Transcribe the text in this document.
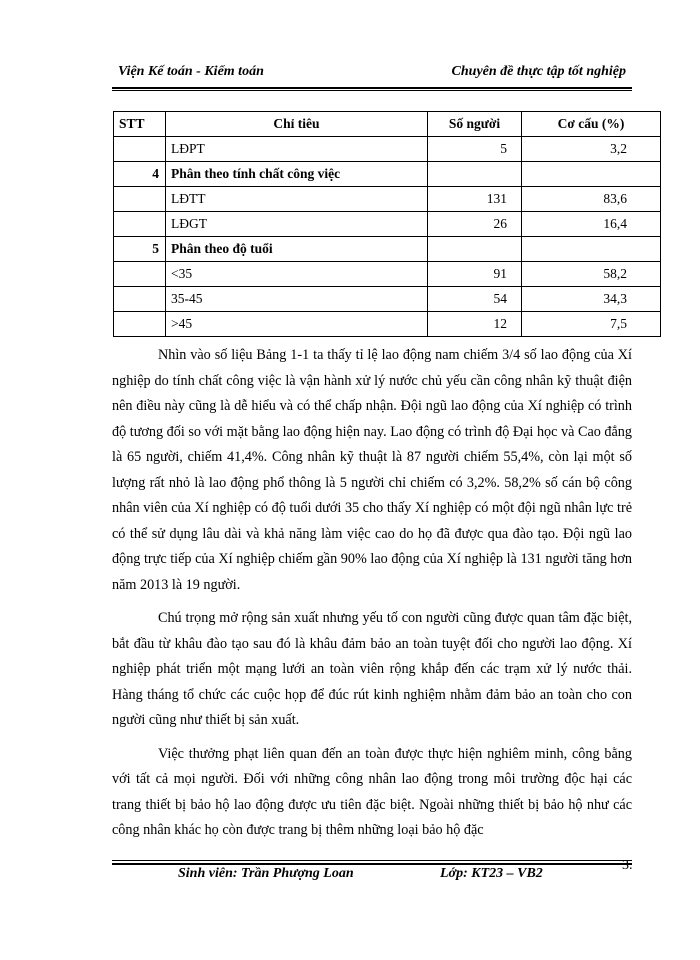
Viện Kế toán - Kiểm toán	Chuyên đề thực tập tốt nghiệp
STT	Chỉ tiêu	Số người	Cơ cấu (%)
	LĐPT	5	3,2
4	Phân theo tính chất công việc		
	LĐTT	131	83,6
	LĐGT	26	16,4
5	Phân theo độ tuổi		
	<35	91	58,2
	35-45	54	34,3
	>45	12	7,5

Nhìn vào số liệu Bảng 1-1 ta thấy tỉ lệ lao động nam chiếm 3/4 số lao động của Xí nghiệp do tính chất công việc là vận hành xử lý nước chủ yếu cần công nhân kỹ thuật điện nên điều này cũng là dễ hiểu và có thể chấp nhận. Đội ngũ lao động của Xí nghiệp có trình độ tương đối so với mặt bằng lao động hiện nay. Lao động có trình độ Đại học và Cao đẳng là 65 người, chiếm 41,4%. Công nhân kỹ thuật là 87 người chiếm 55,4%, còn lại một số lượng rất nhỏ là lao động phổ thông là 5 người chỉ chiếm có 3,2%. 58,2% số cán bộ công nhân viên của Xí nghiệp có độ tuổi dưới 35 cho thấy Xí nghiệp có một đội ngũ nhân lực trẻ có thể sử dụng lâu dài và khả năng làm việc cao do họ đã được qua đào tạo. Đội ngũ lao động trực tiếp của Xí nghiệp chiếm gần 90% lao động của Xí nghiệp là 131 người tăng hơn năm 2013 là 19 người.

Chú trọng mở rộng sản xuất nhưng yếu tố con người cũng được quan tâm đặc biệt, bắt đầu từ khâu đào tạo sau đó là khâu đảm bảo an toàn tuyệt đối cho người lao động. Xí nghiệp phát triển một mạng lưới an toàn viên rộng khắp đến các trạm xử lý nước thải. Hàng tháng tổ chức các cuộc họp để đúc rút kinh nghiệm nhằm đảm bảo an toàn cho con người cũng như thiết bị sản xuất.

Việc thưởng phạt liên quan đến an toàn được thực hiện nghiêm minh, công bằng với tất cả mọi người. Đối với những công nhân lao động trong môi trường độc hại các trang thiết bị bảo hộ lao động được ưu tiên đặc biệt. Ngoài những thiết bị bảo hộ như các công nhân khác họ còn được trang bị thêm những loại bảo hộ đặc

Sinh viên: Trần Phượng Loan	Lớp: KT23 – VB2
3.
